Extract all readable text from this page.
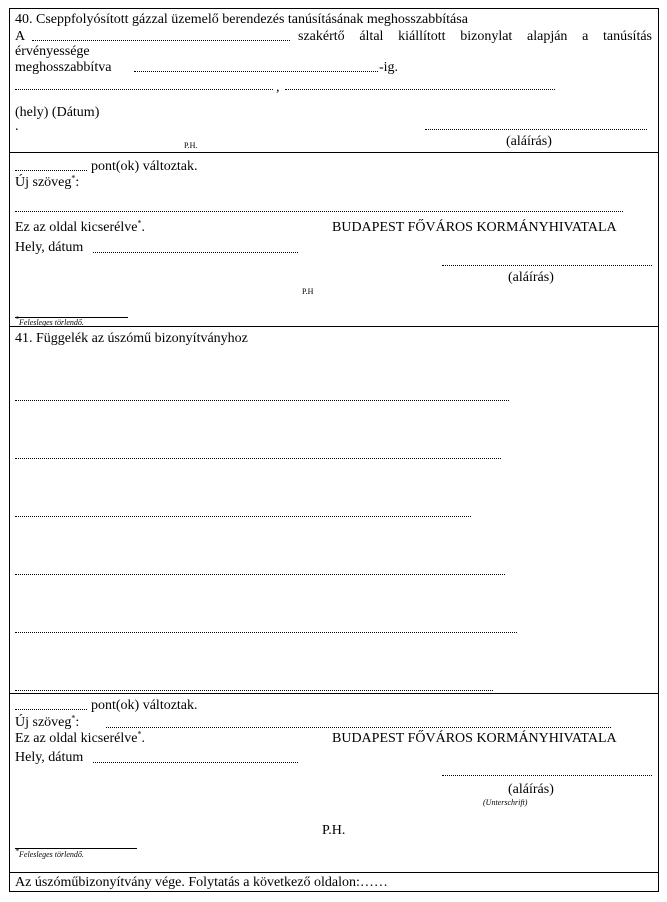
40. Cseppfolyósított gázzal üzemelő berendezés tanúsításának meghosszabbítása
A	szakértő által kiállított bizonylat alapján a tanúsítás
érvényessége
meghosszabbítva	-ig.
,
(hely) (Dátum)
.
P.H.	(aláírás)
pont(ok) változtak.
Új szöveg*:
Ez az oldal kicserélve*.	BUDAPEST FŐVÁROS KORMÁNYHIVATALA
Hely, dátum
(aláírás)
P.H
*Felesleges törlendő.
41. Függelék az úszómű bizonyítványhoz
pont(ok) változtak.
Új szöveg*:
Ez az oldal kicserélve*.	BUDAPEST FŐVÁROS KORMÁNYHIVATALA
Hely, dátum
(aláírás)
(Unterschrift)
P.H.
*Felesleges törlendő.
Az úszóműbizonyítvány vége. Folytatás a következő oldalon:……
